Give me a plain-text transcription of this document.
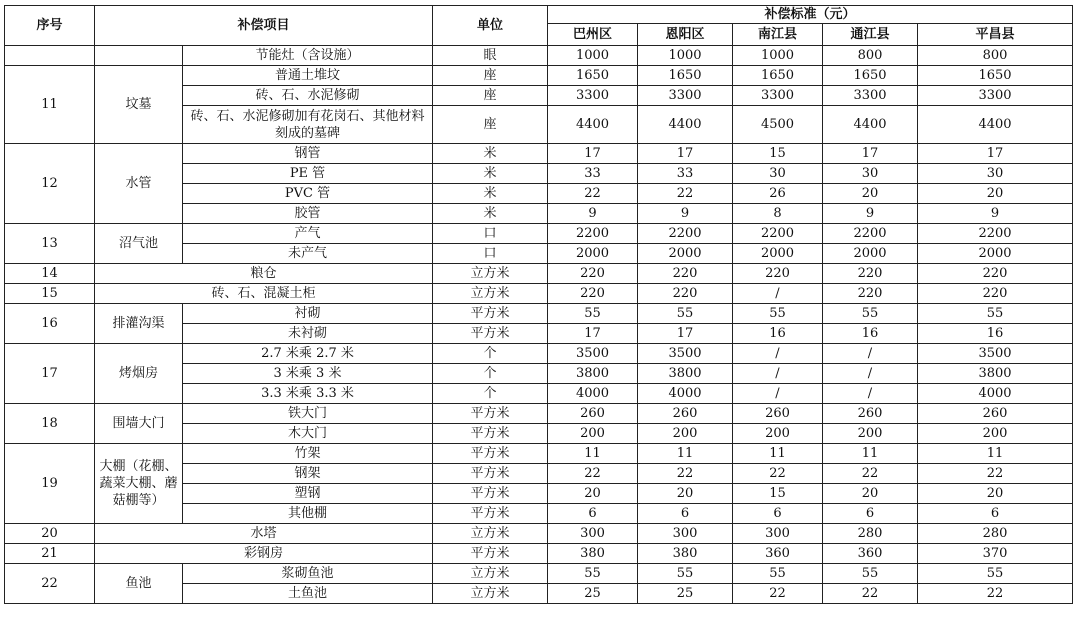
序号	补偿项目		单位	补偿标准（元）				
				巴州区	恩阳区	南江县	通江县	平昌县
		节能灶（含设施）	眼	1000	1000	1000	800	800
11	坟墓	普通土堆坟	座	1650	1650	1650	1650	1650
		砖、石、水泥修砌	座	3300	3300	3300	3300	3300
		砖、石、水泥修砌加有花岗石、其他材料刻成的墓碑	座	4400	4400	4500	4400	4400
12	水管	钢管	米	17	17	15	17	17
		PE 管	米	33	33	30	30	30
		PVC 管	米	22	22	26	20	20
		胶管	米	9	9	8	9	9
13	沼气池	产气	口	2200	2200	2200	2200	2200
		未产气	口	2000	2000	2000	2000	2000
14	粮仓		立方米	220	220	220	220	220
15	砖、石、混凝土柜		立方米	220	220	/	220	220
16	排灌沟渠	衬砌	平方米	55	55	55	55	55
		未衬砌	平方米	17	17	16	16	16
17	烤烟房	2.7 米乘 2.7 米	个	3500	3500	/	/	3500
		3 米乘 3 米	个	3800	3800	/	/	3800
		3.3 米乘 3.3 米	个	4000	4000	/	/	4000
18	围墙大门	铁大门	平方米	260	260	260	260	260
		木大门	平方米	200	200	200	200	200
19	大棚（花棚、蔬菜大棚、蘑菇棚等）	竹架	平方米	11	11	11	11	11
		钢架	平方米	22	22	22	22	22
		塑钢	平方米	20	20	15	20	20
		其他棚	平方米	6	6	6	6	6
20	水塔		立方米	300	300	300	280	280
21	彩钢房		平方米	380	380	360	360	370
22	鱼池	浆砌鱼池	立方米	55	55	55	55	55
		土鱼池	立方米	25	25	22	22	22
